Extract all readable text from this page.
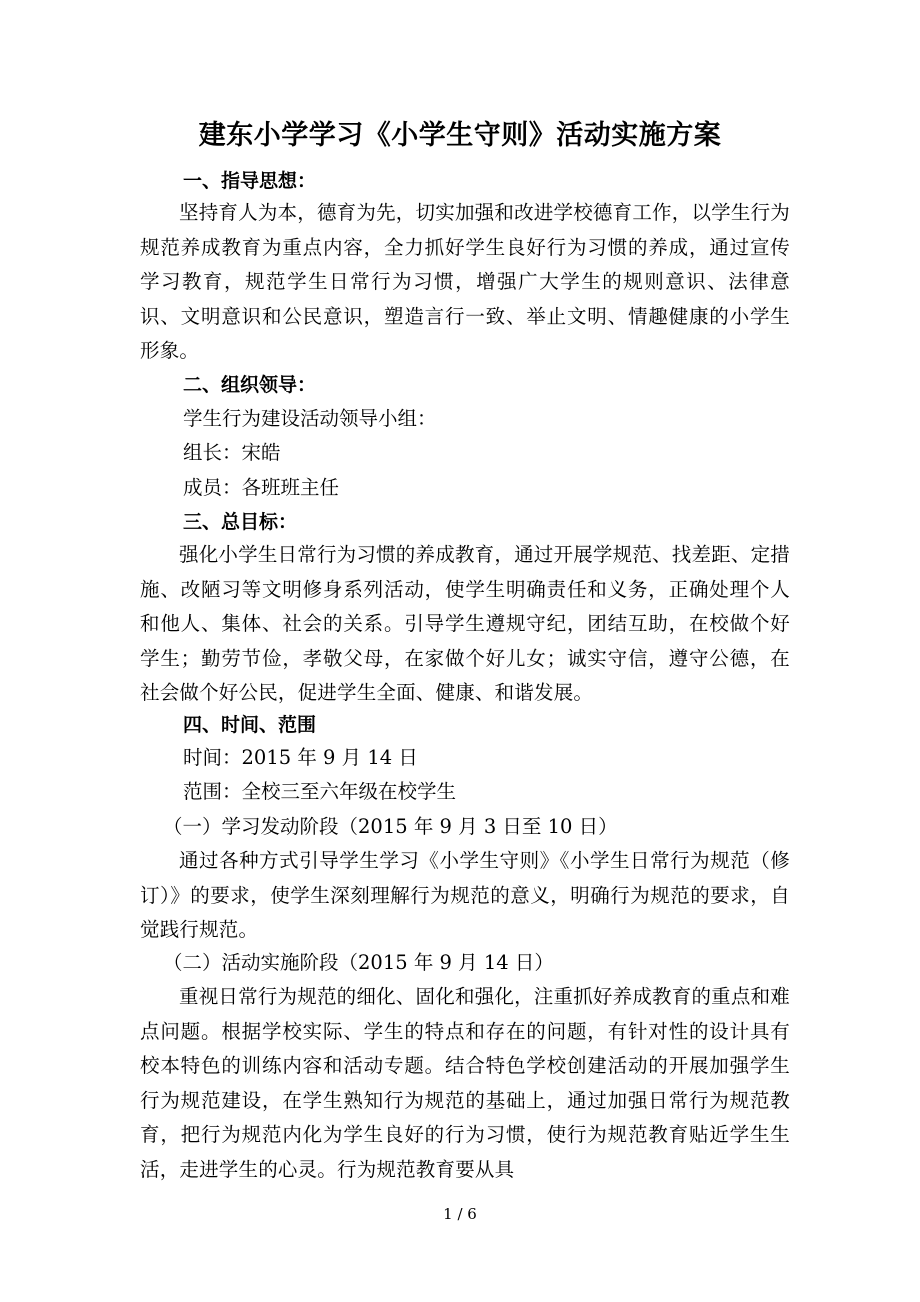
建东小学学习《小学生守则》活动实施方案
一、指导思想：
坚持育人为本，德育为先，切实加强和改进学校德育工作，以学生行为规范养成教育为重点内容，全力抓好学生良好行为习惯的养成，通过宣传学习教育，规范学生日常行为习惯，增强广大学生的规则意识、法律意识、文明意识和公民意识，塑造言行一致、举止文明、情趣健康的小学生形象。
二、组织领导：
学生行为建设活动领导小组：
组长：宋皓
成员：各班班主任
三、总目标：
强化小学生日常行为习惯的养成教育，通过开展学规范、找差距、定措施、改陋习等文明修身系列活动，使学生明确责任和义务，正确处理个人和他人、集体、社会的关系。引导学生遵规守纪，团结互助，在校做个好学生；勤劳节俭，孝敬父母，在家做个好儿女；诚实守信，遵守公德，在社会做个好公民，促进学生全面、健康、和谐发展。
四、时间、范围
时间：2015 年 9 月 14 日
范围：全校三至六年级在校学生
（一）学习发动阶段（2015 年 9 月 3 日至 10 日）
通过各种方式引导学生学习《小学生守则》《小学生日常行为规范（修订）》的要求，使学生深刻理解行为规范的意义，明确行为规范的要求，自觉践行规范。
（二）活动实施阶段（2015 年 9 月 14 日）
重视日常行为规范的细化、固化和强化，注重抓好养成教育的重点和难点问题。根据学校实际、学生的特点和存在的问题，有针对性的设计具有校本特色的训练内容和活动专题。结合特色学校创建活动的开展加强学生行为规范建设，在学生熟知行为规范的基础上，通过加强日常行为规范教育，把行为规范内化为学生良好的行为习惯，使行为规范教育贴近学生生活，走进学生的心灵。行为规范教育要从具
1 / 6
